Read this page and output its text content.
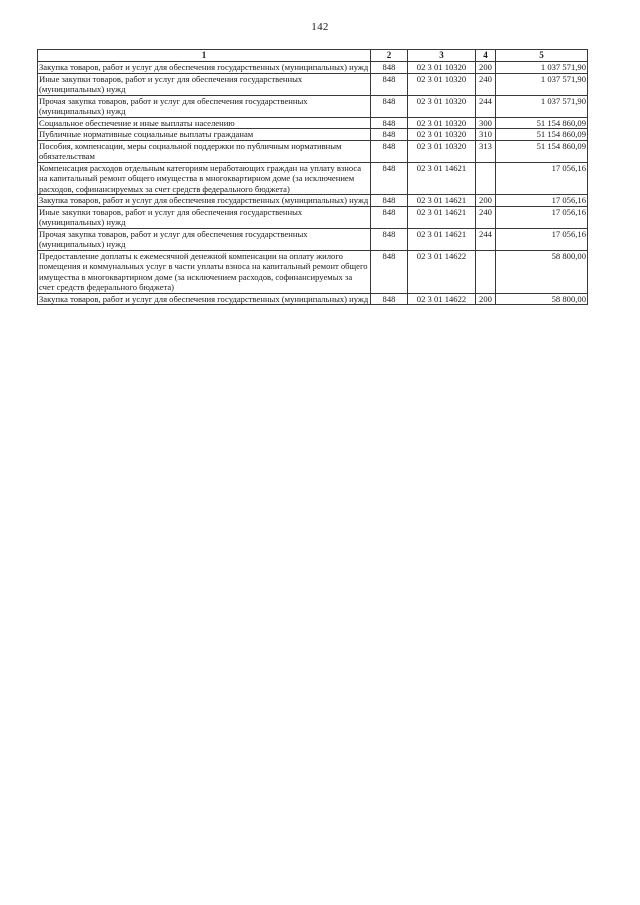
142
1	2	3	4	5
Закупка товаров, работ и услуг для обеспечения государственных (муниципальных) нужд	848	02 3 01 10320	200	1 037 571,90
Иные закупки товаров, работ и услуг для обеспечения государственных (муниципальных) нужд	848	02 3 01 10320	240	1 037 571,90
Прочая закупка товаров, работ и услуг для обеспечения государственных (муниципальных) нужд	848	02 3 01 10320	244	1 037 571,90
Социальное обеспечение и иные выплаты населению	848	02 3 01 10320	300	51 154 860,09
Публичные нормативные социальные выплаты гражданам	848	02 3 01 10320	310	51 154 860,09
Пособия, компенсации, меры социальной поддержки по публичным нормативным обязательствам	848	02 3 01 10320	313	51 154 860,09
Компенсация расходов отдельным категориям неработающих граждан на уплату взноса на капитальный ремонт общего имущества в многоквартирном доме (за исключением расходов, софинансируемых за счет средств федерального бюджета)	848	02 3 01 14621		17 056,16
Закупка товаров, работ и услуг для обеспечения государственных (муниципальных) нужд	848	02 3 01 14621	200	17 056,16
Иные закупки товаров, работ и услуг для обеспечения государственных (муниципальных) нужд	848	02 3 01 14621	240	17 056,16
Прочая закупка товаров, работ и услуг для обеспечения государственных (муниципальных) нужд	848	02 3 01 14621	244	17 056,16
Предоставление доплаты к ежемесячной денежной компенсации на оплату жилого помещения и коммунальных услуг в части уплаты взноса на капитальный ремонт общего имущества в многоквартирном доме (за исключением расходов, софинансируемых за счет средств федерального бюджета)	848	02 3 01 14622		58 800,00
Закупка товаров, работ и услуг для обеспечения государственных (муниципальных) нужд	848	02 3 01 14622	200	58 800,00
